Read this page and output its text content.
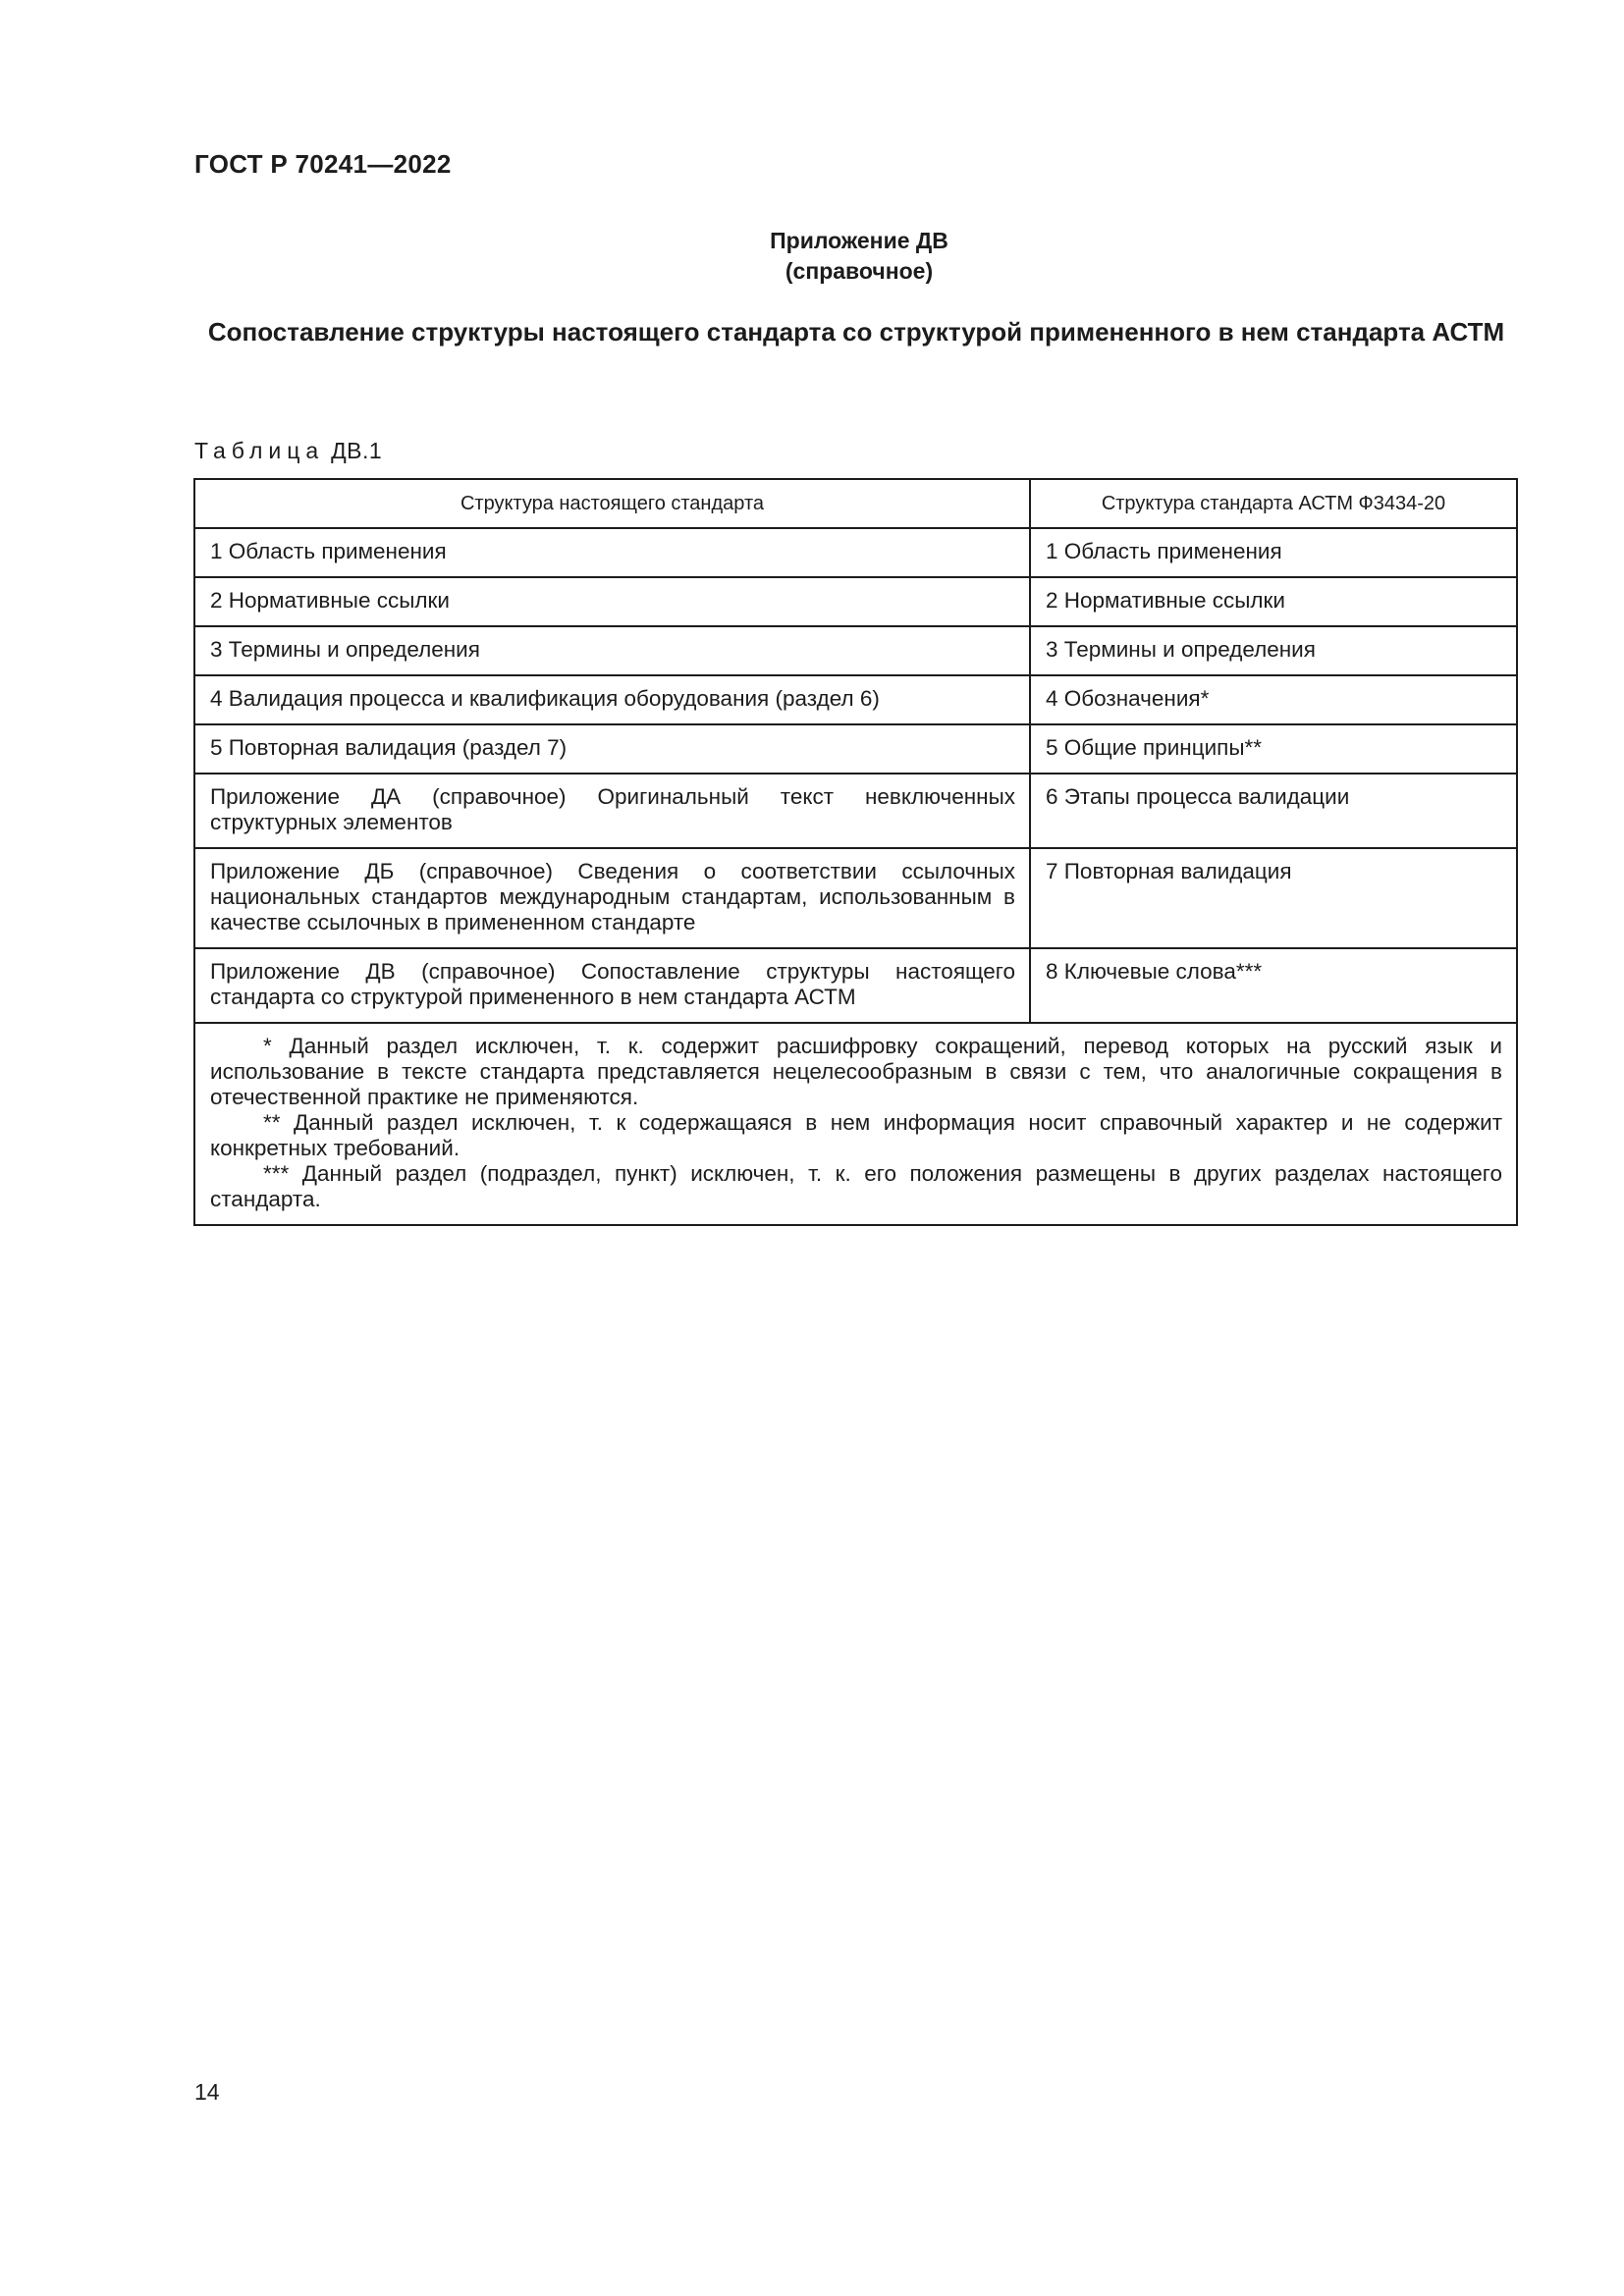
ГОСТ Р 70241—2022
Приложение ДВ
(справочное)
Сопоставление структуры настоящего стандарта со структурой примененного в нем стандарта АСТМ
Таблица ДВ.1
Структура настоящего стандарта	Структура стандарта АСТМ Ф3434-20
1 Область применения	1 Область применения
2 Нормативные ссылки	2 Нормативные ссылки
3 Термины и определения	3 Термины и определения
4 Валидация процесса и квалификация оборудования (раздел 6)	4 Обозначения*
5 Повторная валидация (раздел 7)	5 Общие принципы**
Приложение ДА (справочное) Оригинальный текст невключенных структурных элементов	6 Этапы процесса валидации
Приложение ДБ (справочное) Сведения о соответствии ссылочных национальных стандартов международным стандартам, использованным в качестве ссылочных в примененном стандарте	7 Повторная валидация
Приложение ДВ (справочное) Сопоставление структуры настоящего стандарта со структурой примененного в нем стандарта АСТМ	8 Ключевые слова***

* Данный раздел исключен, т. к. содержит расшифровку сокращений, перевод которых на русский язык и использование в тексте стандарта представляется нецелесообразным в связи с тем, что аналогичные сокращения в отечественной практике не применяются.

** Данный раздел исключен, т. к содержащаяся в нем информация носит справочный характер и не содержит конкретных требований.

*** Данный раздел (подраздел, пункт) исключен, т. к. его положения размещены в других разделах настоящего стандарта.	

14
